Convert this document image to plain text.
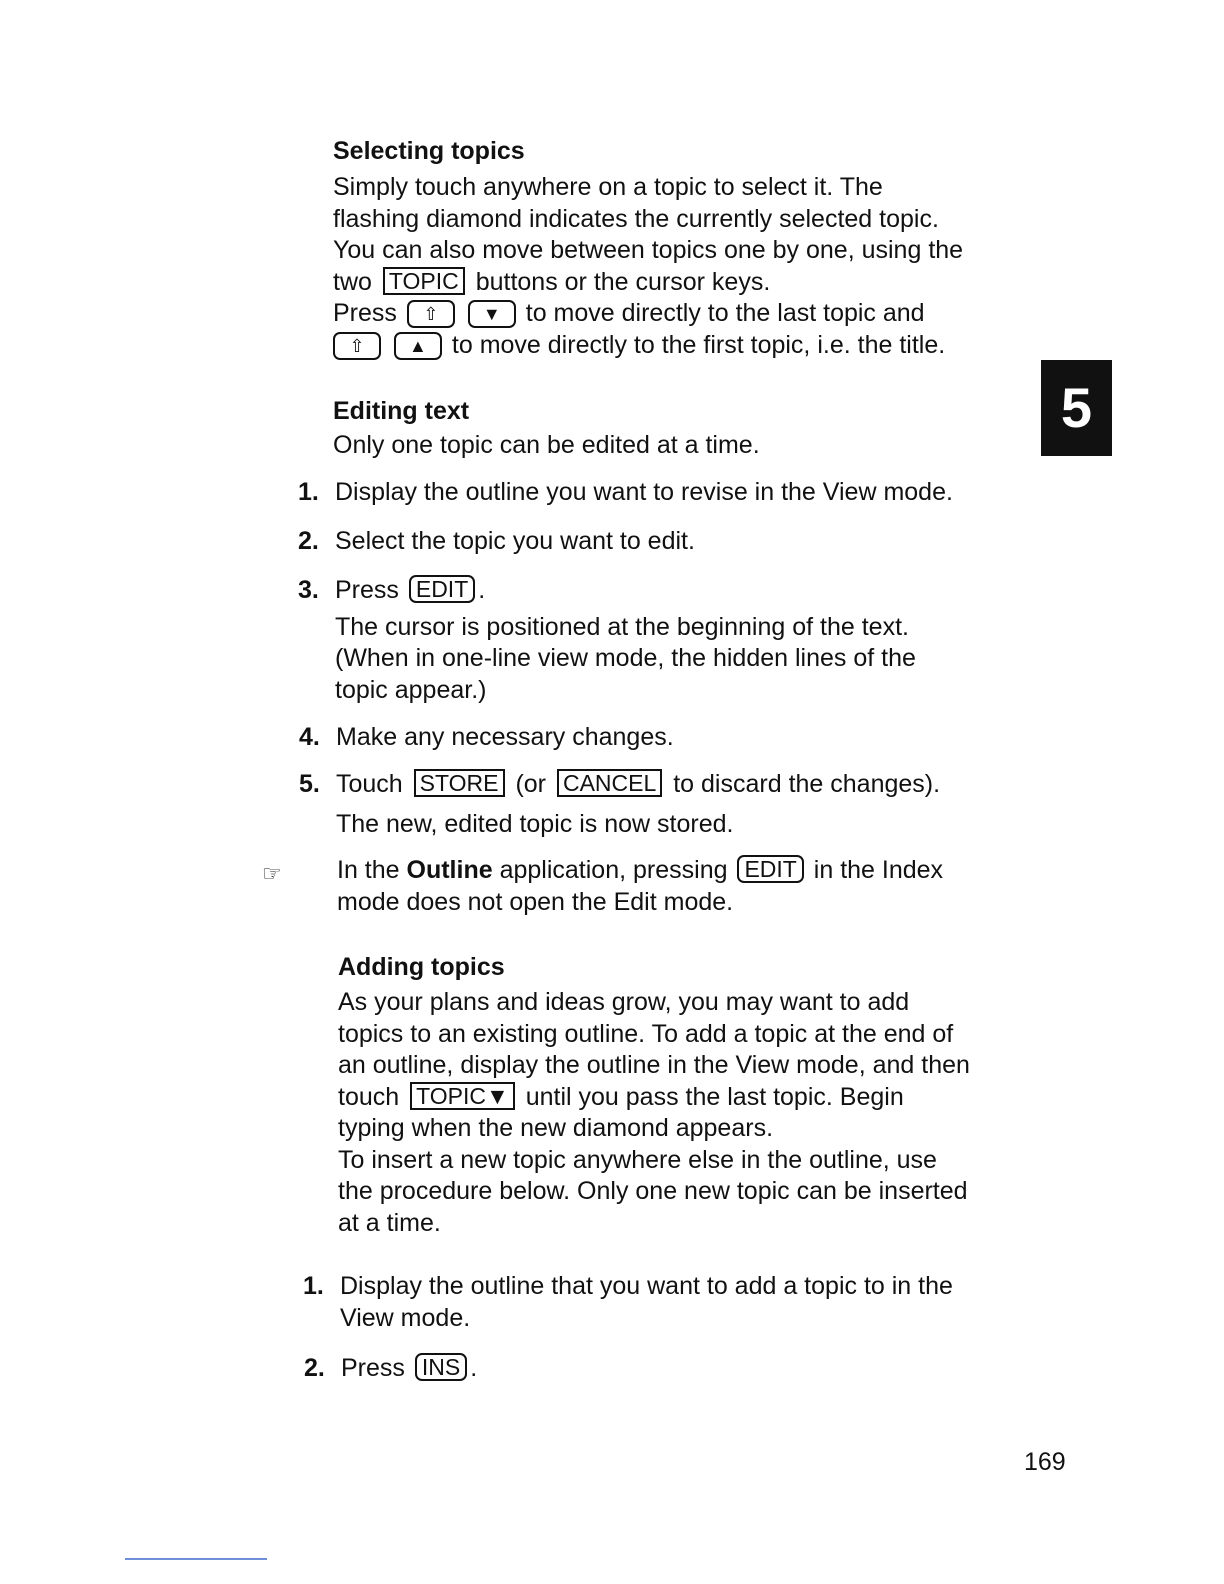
Selecting topics
Simply touch anywhere on a topic to select it. The
flashing diamond indicates the currently selected topic.
You can also move between topics one by one, using the
two TOPIC buttons or the cursor keys.
Press ⇧ ▼ to move directly to the last topic and
⇧ ▲ to move directly to the first topic, i.e. the title.
5
Editing text
Only one topic can be edited at a time.
1. Display the outline you want to revise in the View mode.
2. Select the topic you want to edit.
3. Press EDIT .
The cursor is positioned at the beginning of the text.
(When in one-line view mode, the hidden lines of the
topic appear.)
4. Make any necessary changes.
5. Touch STORE (or CANCEL to discard the changes).
The new, edited topic is now stored.
☞ In the Outline application, pressing EDIT in the Index
mode does not open the Edit mode.
Adding topics
As your plans and ideas grow, you may want to add
topics to an existing outline. To add a topic at the end of
an outline, display the outline in the View mode, and then
touch TOPIC▼ until you pass the last topic. Begin
typing when the new diamond appears.
To insert a new topic anywhere else in the outline, use
the procedure below. Only one new topic can be inserted
at a time.
1. Display the outline that you want to add a topic to in the
View mode.
2. Press INS .
169
